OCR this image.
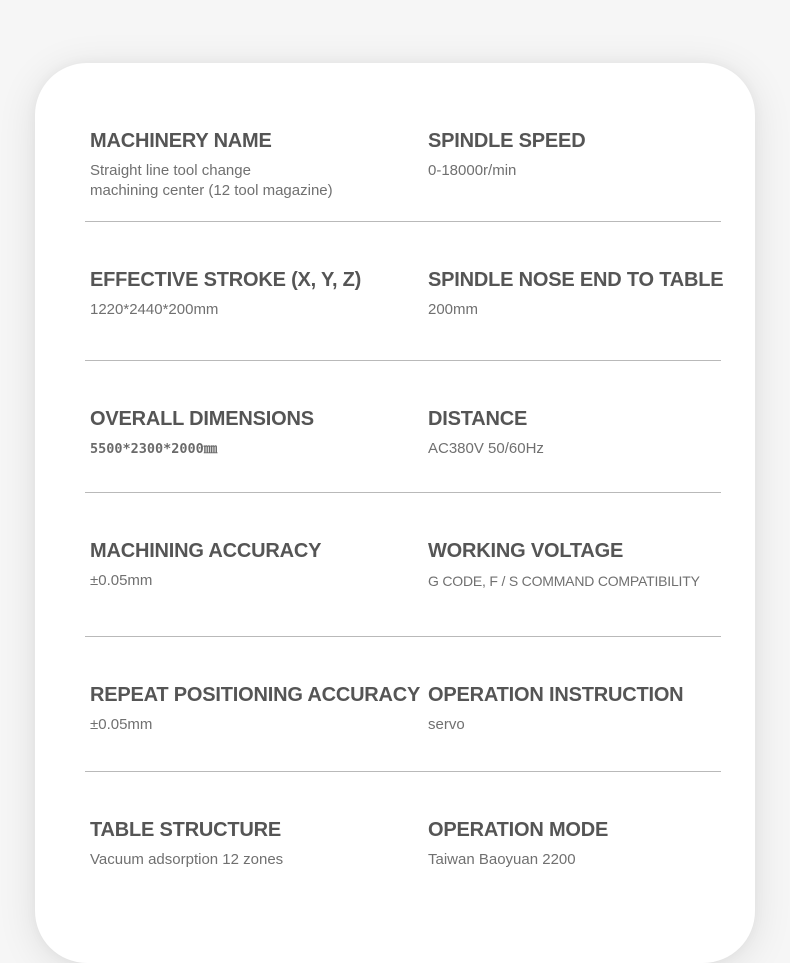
MACHINERY NAME
Straight line tool change
machining center (12 tool magazine)
SPINDLE SPEED
0-18000r/min
EFFECTIVE STROKE (X, Y, Z)
1220*2440*200mm
SPINDLE NOSE END TO TABLE
200mm
OVERALL DIMENSIONS
5500*2300*2000㎜
DISTANCE
AC380V 50/60Hz
MACHINING ACCURACY
±0.05mm
WORKING VOLTAGE
G CODE, F / S COMMAND COMPATIBILITY
REPEAT POSITIONING ACCURACY
±0.05mm
OPERATION INSTRUCTION
servo
TABLE STRUCTURE
Vacuum adsorption 12 zones
OPERATION MODE
Taiwan Baoyuan 2200
